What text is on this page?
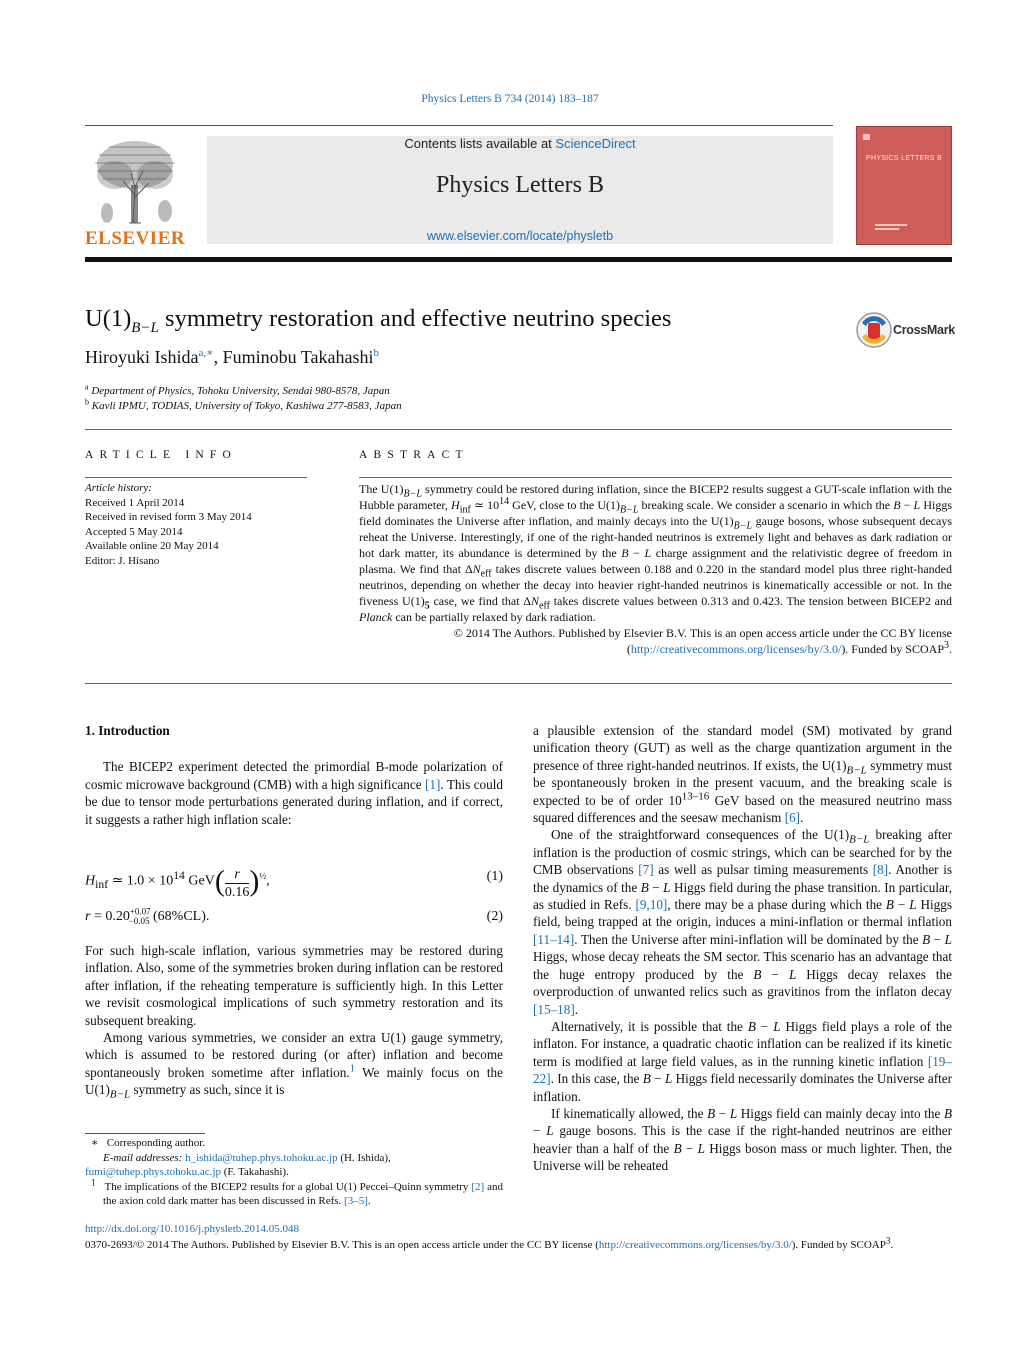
Physics Letters B 734 (2014) 183–187
ELSEVIER
Contents lists available at ScienceDirect
Physics Letters B
www.elsevier.com/locate/physletb
PHYSICS LETTERS B
$U(1)_{B-L}$ symmetry restoration and effective neutrino species	CrossMark
Hiroyuki Ishida$^{a,∗}$, Fuminobu Takahashi$^b$
$^a$ Department of Physics, Tohoku University, Sendai 980-8578, Japan
$^b$ Kavli IPMU, TODIAS, University of Tokyo, Kashiwa 277-8583, Japan
ARTICLE INFO	ABSTRACT
Article history:
Received 1 April 2014
Received in revised form 3 May 2014
Accepted 5 May 2014
Available online 20 May 2014
Editor: J. Hisano

The $U(1)_{B-L}$ symmetry could be restored during inflation, since the BICEP2 results suggest a GUT-scale inflation with the Hubble parameter, $H_{inf}$ ≃ $10^{14}$ GeV, close to the $U(1)_{B-L}$ breaking scale. We consider a scenario in which the B − L Higgs field dominates the Universe after inflation, and mainly decays into the $U(1)_{B-L}$ gauge bosons, whose subsequent decays reheat the Universe. Interestingly, if one of the right-handed neutrinos is extremely light and behaves as dark radiation or hot dark matter, its abundance is determined by the B − L charge assignment and the relativistic degree of freedom in plasma. We find that $\Delta N_{eff}$ takes discrete values between 0.188 and 0.220 in the standard model plus three right-handed neutrinos, depending on whether the decay into heavier right-handed neutrinos is kinematically accessible or not. In the fiveness $U(1)_5$ case, we find that $\Delta N_{eff}$ takes discrete values between 0.313 and 0.423. The tension between BICEP2 and Planck can be partially relaxed by dark radiation.

© 2014 The Authors. Published by Elsevier B.V. This is an open access article under the CC BY license
(http://creativecommons.org/licenses/by/3.0/). Funded by SCOAP$^3$.

1. Introduction

The BICEP2 experiment detected the primordial B-mode polarization of cosmic microwave background (CMB) with a high significance [1]. This could be due to tensor mode perturbations generated during inflation, and if correct, it suggests a rather high inflation scale:

$H_{inf}$ ≃ $1.0 \times 10^{14}$ $GeV( \frac{r}{0.16} )^{\frac{1}{2}}$,	(1)
$r = 0.20^{+0.07}_{-0.05}$ (68%CL).	(2)

For such high-scale inflation, various symmetries may be restored during inflation. Also, some of the symmetries broken during inflation can be restored after inflation, if the reheating temperature is sufficiently high. In this Letter we revisit cosmological implications of such symmetry restoration and its subsequent breaking.

Among various symmetries, we consider an extra U(1) gauge symmetry, which is assumed to be restored during (or after) inflation and become spontaneously broken sometime after inflation.$^1$ We mainly focus on the $U(1)_{B-L}$ symmetry as such, since it is

a plausible extension of the standard model (SM) motivated by grand unification theory (GUT) as well as the charge quantization argument in the presence of three right-handed neutrinos. If exists, the $U(1)_{B-L}$ symmetry must be spontaneously broken in the present vacuum, and the breaking scale is expected to be of order 10$^{13-16}$ GeV based on the measured neutrino mass squared differences and the seesaw mechanism [6].

One of the straightforward consequences of the $U(1)_{B-L}$ breaking after inflation is the production of cosmic strings, which can be searched for by the CMB observations [7] as well as pulsar timing measurements [8]. Another is the dynamics of the B − L Higgs field during the phase transition. In particular, as studied in Refs. [9,10], there may be a phase during which the B − L Higgs field, being trapped at the origin, induces a mini-inflation or thermal inflation [11–14]. Then the Universe after mini-inflation will be dominated by the B − L Higgs, whose decay reheats the SM sector. This scenario has an advantage that the huge entropy produced by the B − L Higgs decay relaxes the overproduction of unwanted relics such as gravitinos from the inflaton decay [15–18].

Alternatively, it is possible that the B − L Higgs field plays a role of the inflaton. For instance, a quadratic chaotic inflation can be realized if its kinetic term is modified at large field values, as in the running kinetic inflation [19–22]. In this case, the B − L Higgs field necessarily dominates the Universe after inflation.

If kinematically allowed, the B − L Higgs field can mainly decay into the B − L gauge bosons. This is the case if the right-handed neutrinos are either heavier than a half of the B − L Higgs boson mass or much lighter. Then, the Universe will be reheated

∗ Corresponding author.
E-mail addresses: h_ishida@tuhep.phys.tohoku.ac.jp (H. Ishida),
fumi@tuhep.phys.tohoku.ac.jp (F. Takahashi).
$^1$   The implications of the BICEP2 results for a global U(1) Peccei–Quinn symmetry [2] and the axion cold dark matter has been discussed in Refs. [3–5].
http://dx.doi.org/10.1016/j.physletb.2014.05.048
0370-2693/© 2014 The Authors. Published by Elsevier B.V. This is an open access article under the CC BY license (http://creativecommons.org/licenses/by/3.0/). Funded by SCOAP$^3$.
